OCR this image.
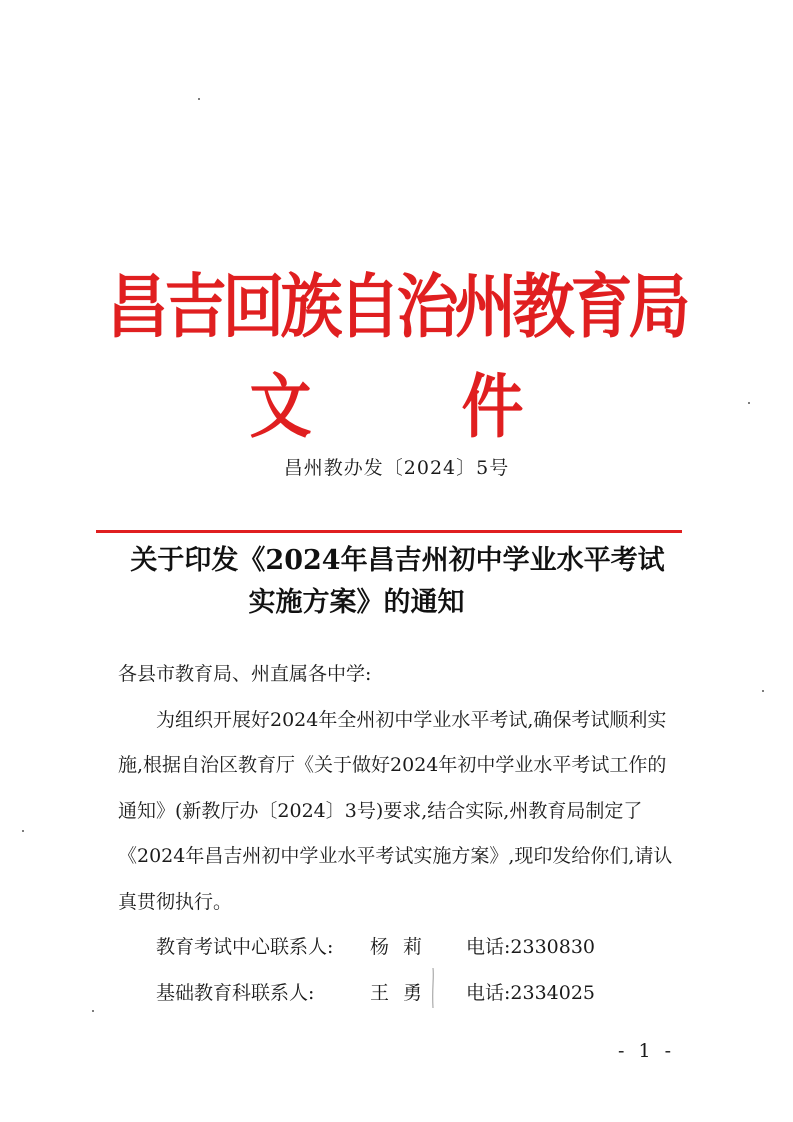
昌吉回族自治州教育局
文件
昌州教办发〔2024〕5号
关于印发《2024年昌吉州初中学业水平考试
实施方案》的通知

各县市教育局、州直属各中学:

为组织开展好2024年全州初中学业水平考试,确保考试顺利实施,根据自治区教育厅《关于做好2024年初中学业水平考试工作的通知》(新教厅办〔2024〕3号)要求,结合实际,州教育局制定了《2024年昌吉州初中学业水平考试实施方案》,现印发给你们,请认真贯彻执行。

教育考试中心联系人:	杨莉	电话:2330830

基础教育科联系人:	王勇	电话:2334025

- 1 -
